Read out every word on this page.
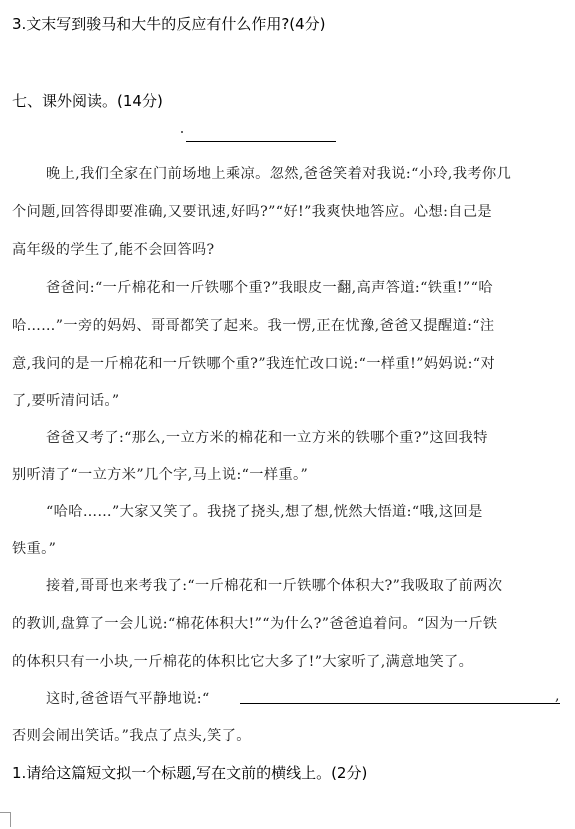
3.文末写到骏马和大牛的反应有什么作用?(4分)
七、课外阅读。(14分)
晚上,我们全家在门前场地上乘凉。忽然,爸爸笑着对我说:“小玲,我考你几
个问题,回答得即要准确,又要讯速,好吗?”“好!”我爽快地答应。心想:自己是
高年级的学生了,能不会回答吗?
爸爸问:“一斤棉花和一斤铁哪个重?”我眼皮一翻,高声答道:“铁重!”“哈
哈……”一旁的妈妈、哥哥都笑了起来。我一愣,正在忧豫,爸爸又提醒道:“注
意,我问的是一斤棉花和一斤铁哪个重?”我连忙改口说:“一样重!”妈妈说:“对
了,要听清问话。”
爸爸又考了:“那么,一立方米的棉花和一立方米的铁哪个重?”这回我特
别听清了“一立方米”几个字,马上说:“一样重。”
“哈哈……”大家又笑了。我挠了挠头,想了想,恍然大悟道:“哦,这回是
铁重。”
接着,哥哥也来考我了:“一斤棉花和一斤铁哪个体积大?”我吸取了前两次
的教训,盘算了一会儿说:“棉花体积大!”“为什么?”爸爸追着问。“因为一斤铁
的体积只有一小块,一斤棉花的体积比它大多了!”大家听了,满意地笑了。
这时,爸爸语气平静地说:“	,
否则会闹出笑话。”我点了点头,笑了。
1.请给这篇短文拟一个标题,写在文前的横线上。(2分)
